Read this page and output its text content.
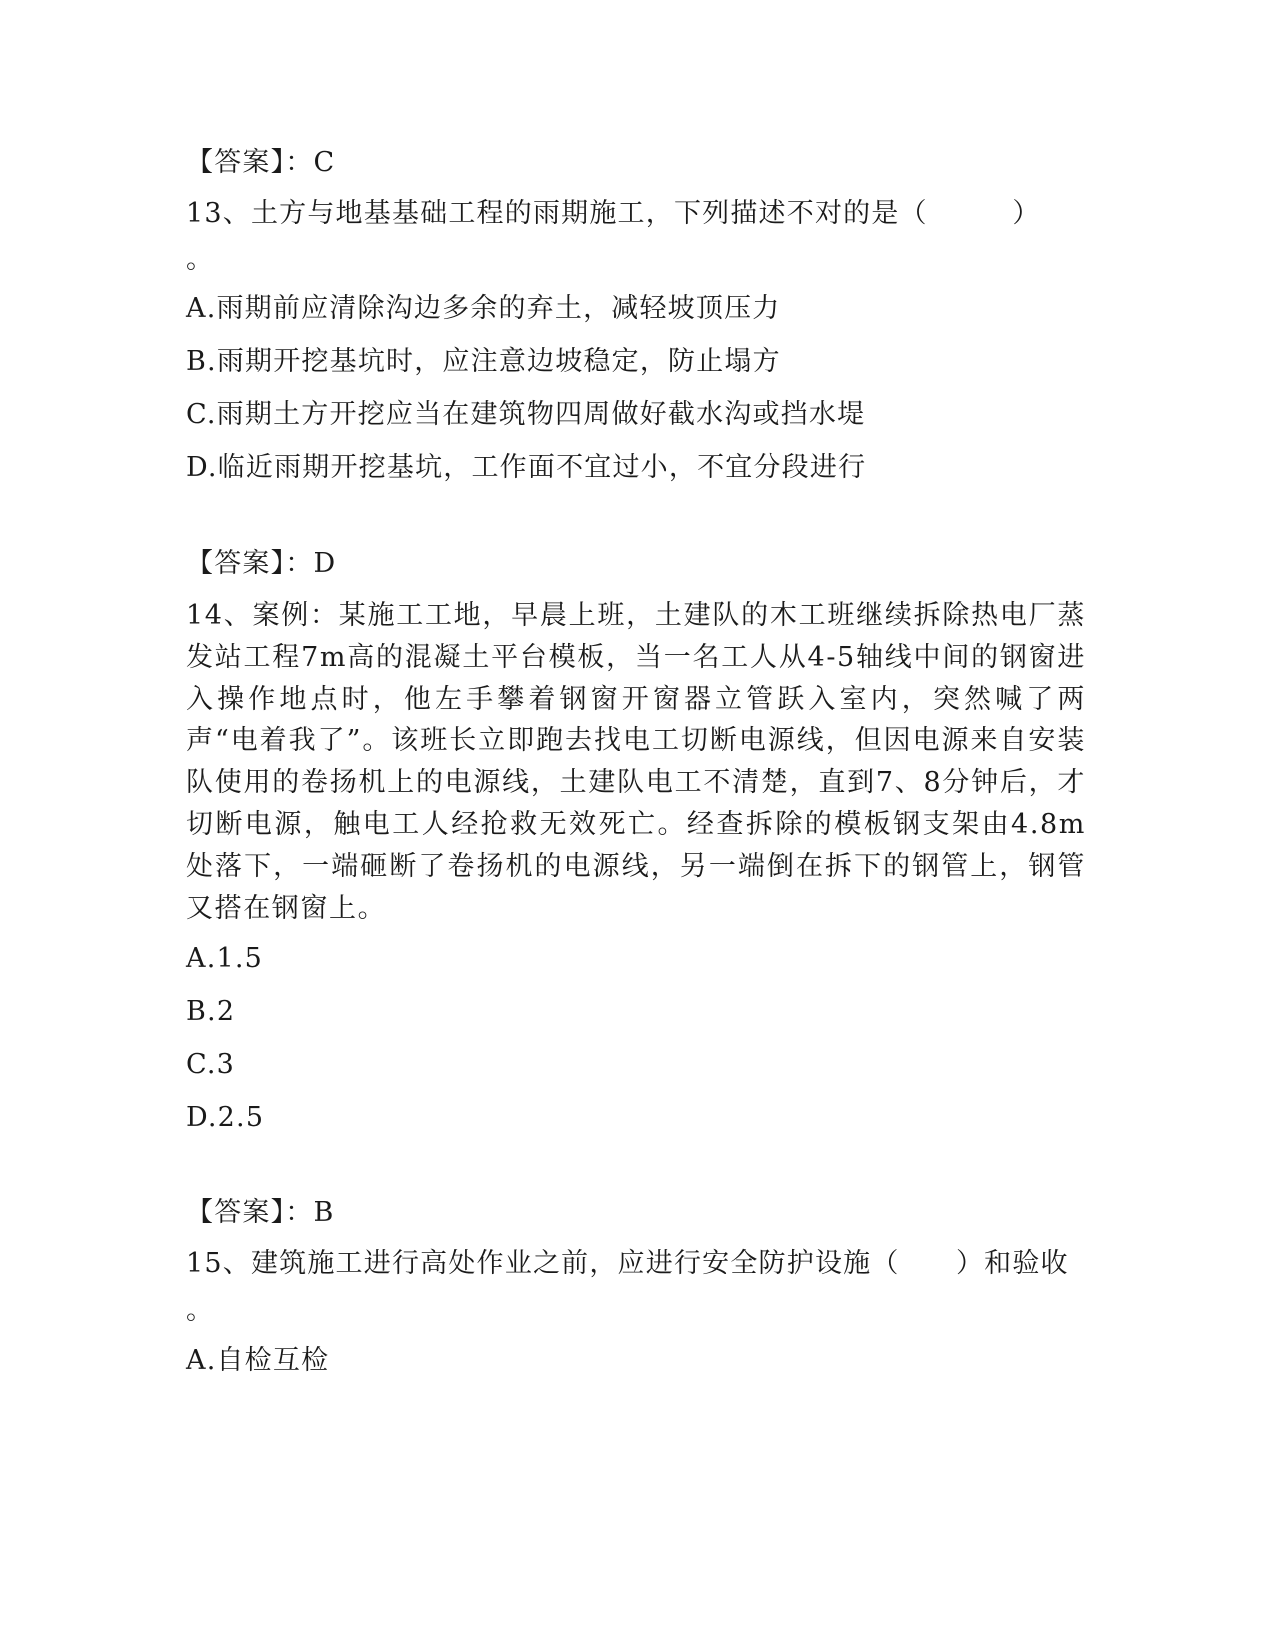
【答案】：C
13、土方与地基基础工程的雨期施工，下列描述不对的是（　　　）
。
A.雨期前应清除沟边多余的弃土，减轻坡顶压力
B.雨期开挖基坑时，应注意边坡稳定，防止塌方
C.雨期土方开挖应当在建筑物四周做好截水沟或挡水堤
D.临近雨期开挖基坑，工作面不宜过小，不宜分段进行
【答案】：D
14、案例：某施工工地，早晨上班，土建队的木工班继续拆除热电厂蒸发站工程7m高的混凝土平台模板，当一名工人从4-5轴线中间的钢窗进入操作地点时，他左手攀着钢窗开窗器立管跃入室内，突然喊了两声“电着我了”。该班长立即跑去找电工切断电源线，但因电源来自安装队使用的卷扬机上的电源线，土建队电工不清楚，直到7、8分钟后，才切断电源，触电工人经抢救无效死亡。经查拆除的模板钢支架由4.8m处落下，一端砸断了卷扬机的电源线，另一端倒在拆下的钢管上，钢管又搭在钢窗上。
A.1.5
B.2
C.3
D.2.5
【答案】：B
15、建筑施工进行高处作业之前，应进行安全防护设施（　　）和验收
。
A.自检互检
